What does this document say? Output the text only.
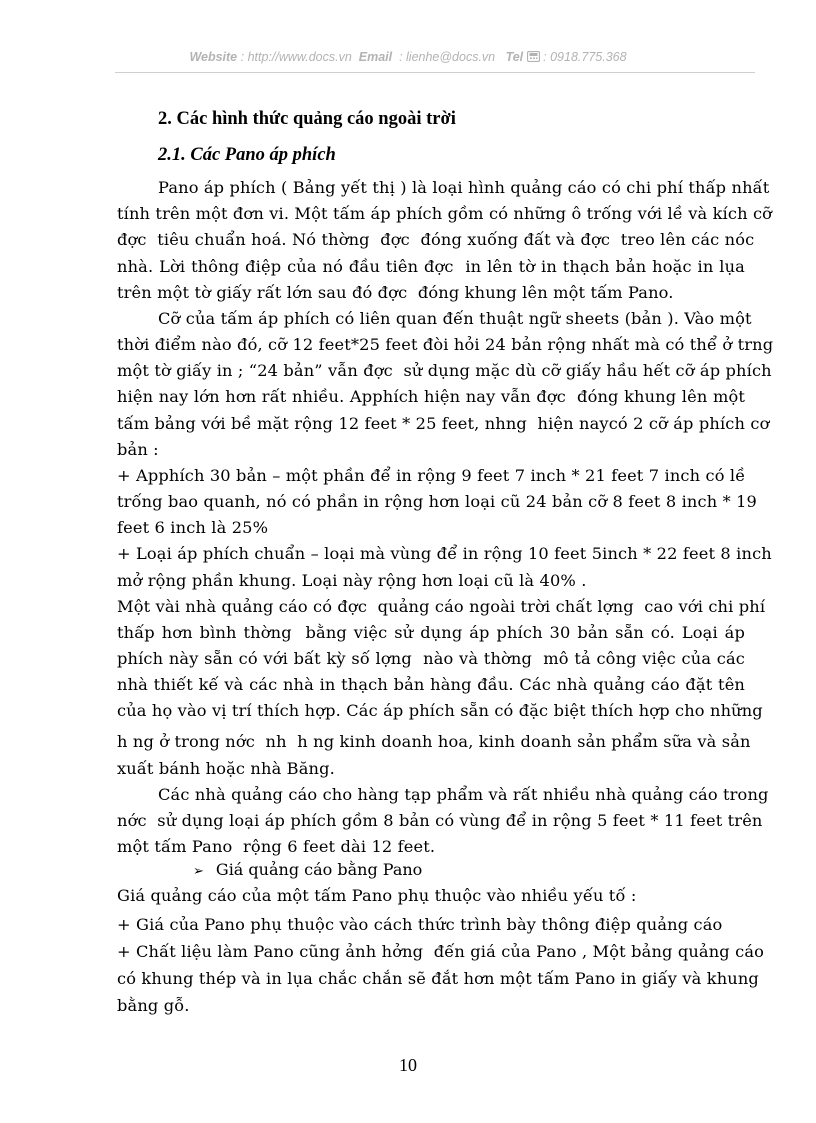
Website : http://www.docs.vn Email : lienhe@docs.vn Tel : 0918.775.368
2. Các hình thức quảng cáo ngoài trời
2.1. Các Pano áp phích
Pano áp phích ( Bảng yết thị ) là loại hình quảng cáo có chi phí thấp nhất
tính trên một đơn vi. Một tấm áp phích gồm có những ô trống với lề và kích cỡ
đợc  tiêu chuẩn hoá. Nó thờng  đợc  đóng xuống đất và đợc  treo lên các nóc
nhà. Lời thông điệp của nó đầu tiên đợc  in lên tờ in thạch bản hoặc in lụa
trên một tờ giấy rất lớn sau đó đợc  đóng khung lên một tấm Pano.
Cỡ của tấm áp phích có liên quan đến thuật ngữ sheets (bản ). Vào một
thời điểm nào đó, cỡ 12 feet*25 feet đòi hỏi 24 bản rộng nhất mà có thể ở trng
một tờ giấy in ; “24 bản” vẫn đợc  sử dụng mặc dù cỡ giấy hầu hết cỡ áp phích
hiện nay lớn hơn rất nhiều. Apphích hiện nay vẫn đợc  đóng khung lên một
tấm bảng với bề mặt rộng 12 feet * 25 feet, nhng  hiện naycó 2 cỡ áp phích cơ
bản :
+ Apphích 30 bản – một phần để in rộng 9 feet 7 inch * 21 feet 7 inch có lề
trống bao quanh, nó có phần in rộng hơn loại cũ 24 bản cỡ 8 feet 8 inch * 19
feet 6 inch là 25%
+ Loại áp phích chuẩn – loại mà vùng để in rộng 10 feet 5inch * 22 feet 8 inch
mở rộng phần khung. Loại này rộng hơn loại cũ là 40% .
Một vài nhà quảng cáo có đợc  quảng cáo ngoài trời chất lợng  cao với chi phí
thấp hơn bình thờng  bằng việc sử dụng áp phích 30 bản sẵn có. Loại áp
phích này sẵn có với bất kỳ số lợng  nào và thờng  mô tả công việc của các
nhà thiết kế và các nhà in thạch bản hàng đầu. Các nhà quảng cáo đặt tên
của họ vào vị trí thích hợp. Các áp phích sẵn có đặc biệt thích hợp cho những
h ng ở trong nớc  nh  h ng kinh doanh hoa, kinh doanh sản phẩm sữa và sản
xuất bánh hoặc nhà Băng.
Các nhà quảng cáo cho hàng tạp phẩm và rất nhiều nhà quảng cáo trong
nớc  sử dụng loại áp phích gồm 8 bản có vùng để in rộng 5 feet * 11 feet trên
một tấm Pano  rộng 6 feet dài 12 feet.
➢ Giá quảng cáo bằng Pano
Giá quảng cáo của một tấm Pano phụ thuộc vào nhiều yếu tố :
+ Giá của Pano phụ thuộc vào cách thức trình bày thông điệp quảng cáo
+ Chất liệu làm Pano cũng ảnh hởng  đến giá của Pano , Một bảng quảng cáo
có khung thép và in lụa chắc chắn sẽ đắt hơn một tấm Pano in giấy và khung
bằng gỗ.
10
